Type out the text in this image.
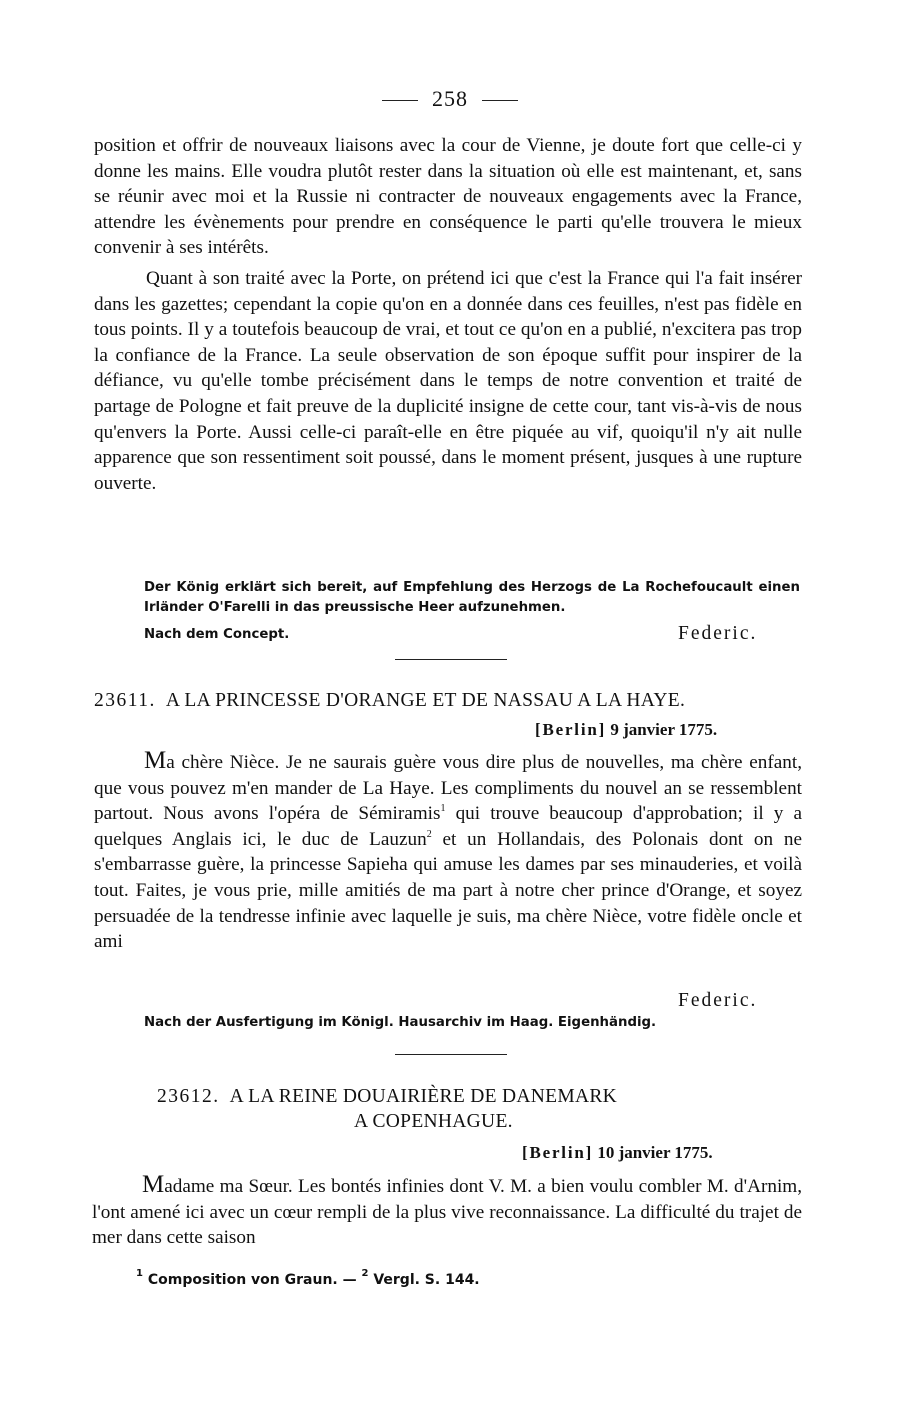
258

position et offrir de nouveaux liaisons avec la cour de Vienne, je doute fort que celle-ci y donne les mains. Elle voudra plutôt rester dans la situation où elle est maintenant, et, sans se réunir avec moi et la Russie ni contracter de nouveaux engagements avec la France, attendre les évènements pour prendre en conséquence le parti qu'elle trouvera le mieux convenir à ses intérêts.

Quant à son traité avec la Porte, on prétend ici que c'est la France qui l'a fait insérer dans les gazettes; cependant la copie qu'on en a donnée dans ces feuilles, n'est pas fidèle en tous points. Il y a toutefois beaucoup de vrai, et tout ce qu'on en a publié, n'excitera pas trop la confiance de la France. La seule observation de son époque suffit pour inspirer de la défiance, vu qu'elle tombe précisément dans le temps de notre convention et traité de partage de Pologne et fait preuve de la duplicité insigne de cette cour, tant vis-à-vis de nous qu'envers la Porte. Aussi celle-ci paraît-elle en être piquée au vif, quoiqu'il n'y ait nulle apparence que son ressentiment soit poussé, dans le moment présent, jusques à une rupture ouverte.

Der König erklärt sich bereit, auf Empfehlung des Herzogs de La Rochefoucault einen Irländer O'Farelli in das preussische Heer aufzunehmen.
Nach dem Concept.	Federic.
23611. A LA PRINCESSE D'ORANGE ET DE NASSAU A LA HAYE.
[Berlin] 9 janvier 1775.

Ma chère Nièce. Je ne saurais guère vous dire plus de nouvelles, ma chère enfant, que vous pouvez m'en mander de La Haye. Les compliments du nouvel an se ressemblent partout. Nous avons l'opéra de Sémiramis$^1$ qui trouve beaucoup d'approbation; il y a quelques Anglais ici, le duc de Lauzun$^2$ et un Hollandais, des Polonais dont on ne s'embarrasse guère, la princesse Sapieha qui amuse les dames par ses minauderies, et voilà tout. Faites, je vous prie, mille amitiés de ma part à notre cher prince d'Orange, et soyez persuadée de la tendresse infinie avec laquelle je suis, ma chère Nièce, votre fidèle oncle et ami

Federic.
Nach der Ausfertigung im Königl. Hausarchiv im Haag. Eigenhändig.
23612. A LA REINE DOUAIRIÈRE DE DANEMARK
A COPENHAGUE.
[Berlin] 10 janvier 1775.

Madame ma Sœur. Les bontés infinies dont V. M. a bien voulu combler M. d'Arnim, l'ont amené ici avec un cœur rempli de la plus vive reconnaissance. La difficulté du trajet de mer dans cette saison

$^1$ Composition von Graun. — $^2$ Vergl. S. 144.
